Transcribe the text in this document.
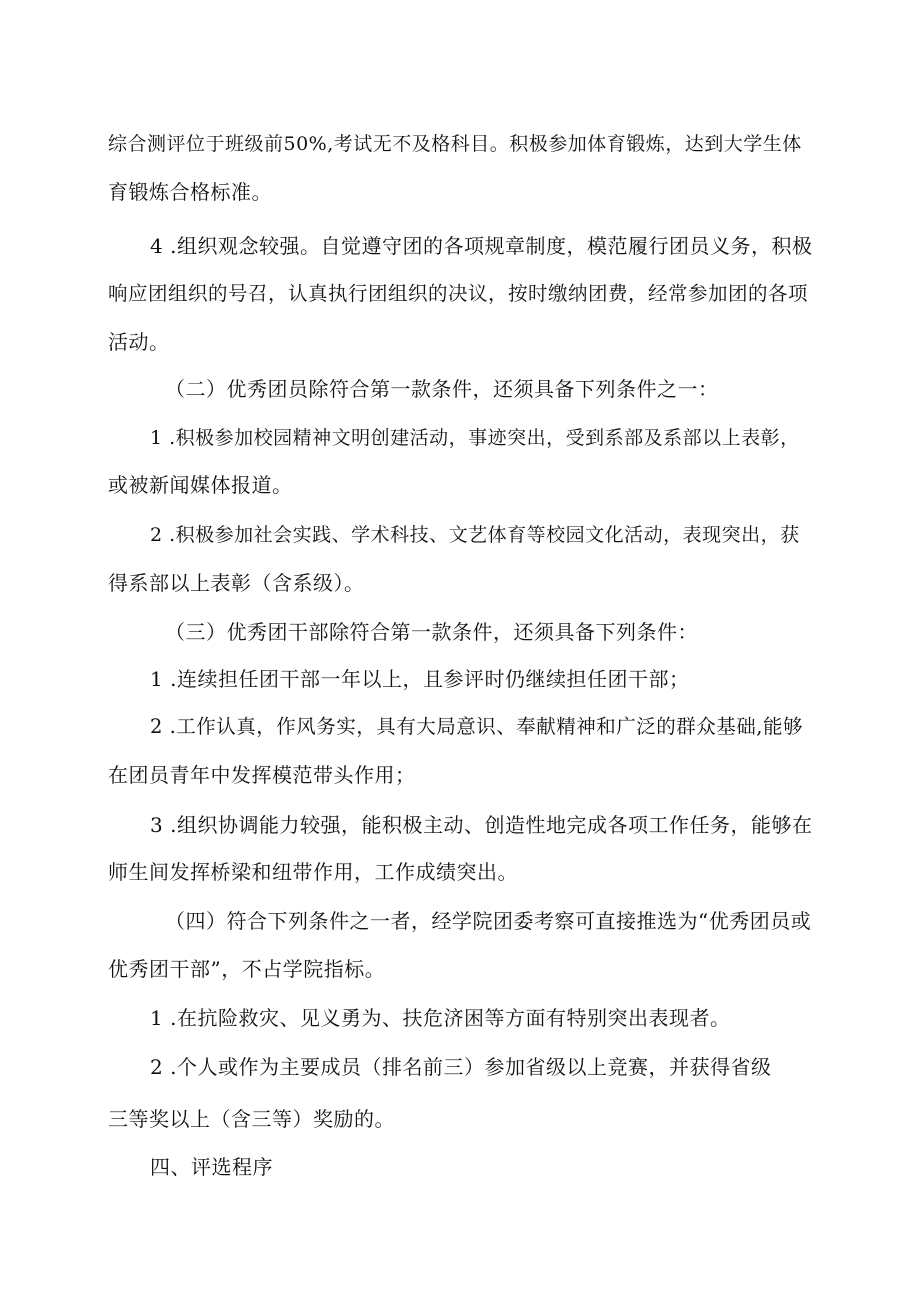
综合测评位于班级前50%,考试无不及格科目。积极参加体育锻炼，达到大学生体
育锻炼合格标准。
4 .组织观念较强。自觉遵守团的各项规章制度，模范履行团员义务，积极
响应团组织的号召，认真执行团组织的决议，按时缴纳团费，经常参加团的各项
活动。
（二）优秀团员除符合第一款条件，还须具备下列条件之一：
1 .积极参加校园精神文明创建活动，事迹突出，受到系部及系部以上表彰，
或被新闻媒体报道。
2 .积极参加社会实践、学术科技、文艺体育等校园文化活动，表现突出，获
得系部以上表彰（含系级）。
（三）优秀团干部除符合第一款条件，还须具备下列条件：
1 .连续担任团干部一年以上，且参评时仍继续担任团干部；
2 .工作认真，作风务实，具有大局意识、奉献精神和广泛的群众基础,能够
在团员青年中发挥模范带头作用；
3 .组织协调能力较强，能积极主动、创造性地完成各项工作任务，能够在
师生间发挥桥梁和纽带作用，工作成绩突出。
（四）符合下列条件之一者，经学院团委考察可直接推选为“优秀团员或
优秀团干部”，不占学院指标。
1 .在抗险救灾、见义勇为、扶危济困等方面有特别突出表现者。
2 .个人或作为主要成员（排名前三）参加省级以上竞赛，并获得省级
三等奖以上（含三等）奖励的。
四、评选程序
